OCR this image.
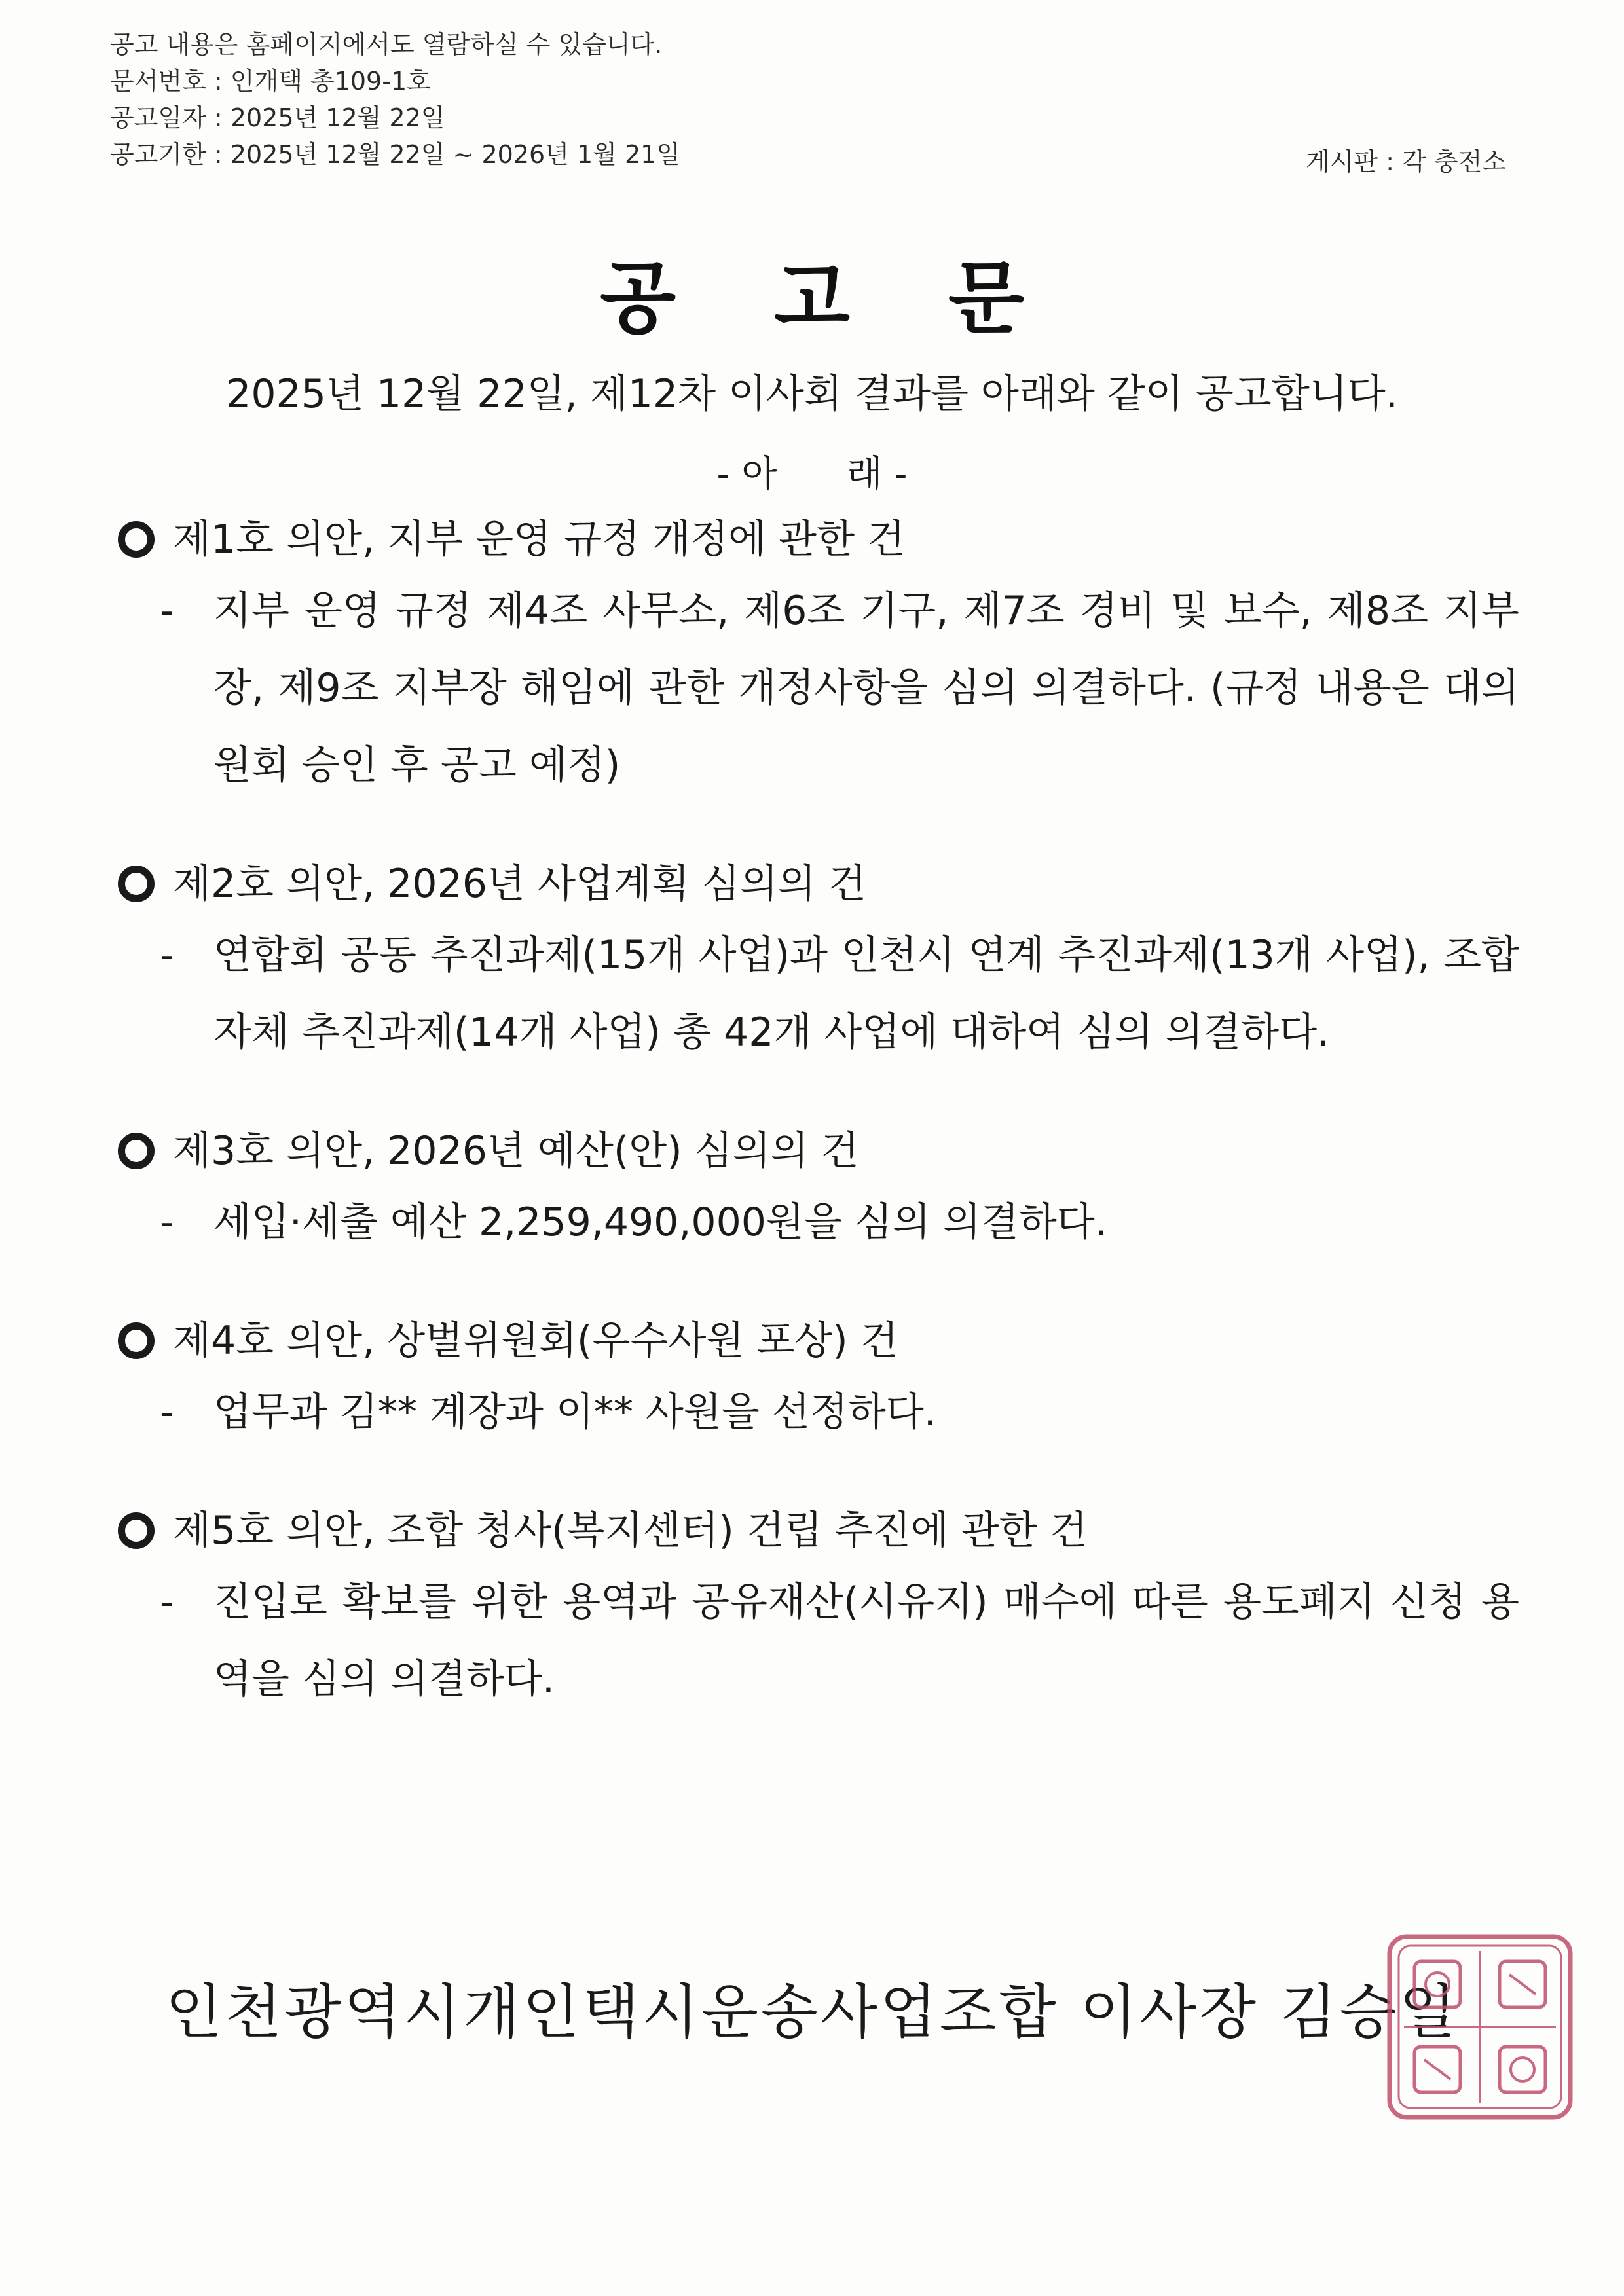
공고 내용은 홈페이지에서도 열람하실 수 있습니다.
문서번호 : 인개택 총109-1호
공고일자 : 2025년 12월 22일
공고기한 : 2025년 12월 22일 ~ 2026년 1월 21일	게시판 : 각 충전소
공고문
2025년 12월 22일, 제12차 이사회 결과를 아래와 같이 공고합니다.
- 아      래 -
제1호 의안, 지부 운영 규정 개정에 관한 건
-	지부 운영 규정 제4조 사무소, 제6조 기구, 제7조 경비 및 보수, 제8조 지부장, 제9조 지부장 해임에 관한 개정사항을 심의 의결하다. (규정 내용은 대의원회 승인 후 공고 예정)
제2호 의안, 2026년 사업계획 심의의 건
-	연합회 공동 추진과제(15개 사업)과 인천시 연계 추진과제(13개 사업), 조합 자체 추진과제(14개 사업) 총 42개 사업에 대하여 심의 의결하다.
제3호 의안, 2026년 예산(안) 심의의 건
-	세입·세출 예산 2,259,490,000원을 심의 의결하다.
제4호 의안, 상벌위원회(우수사원 포상) 건
-	업무과 김** 계장과 이** 사원을 선정하다.
제5호 의안, 조합 청사(복지센터) 건립 추진에 관한 건
-	진입로 확보를 위한 용역과 공유재산(시유지) 매수에 따른 용도폐지 신청 용역을 심의 의결하다.
인천광역시개인택시운송사업조합 이사장 김승일
